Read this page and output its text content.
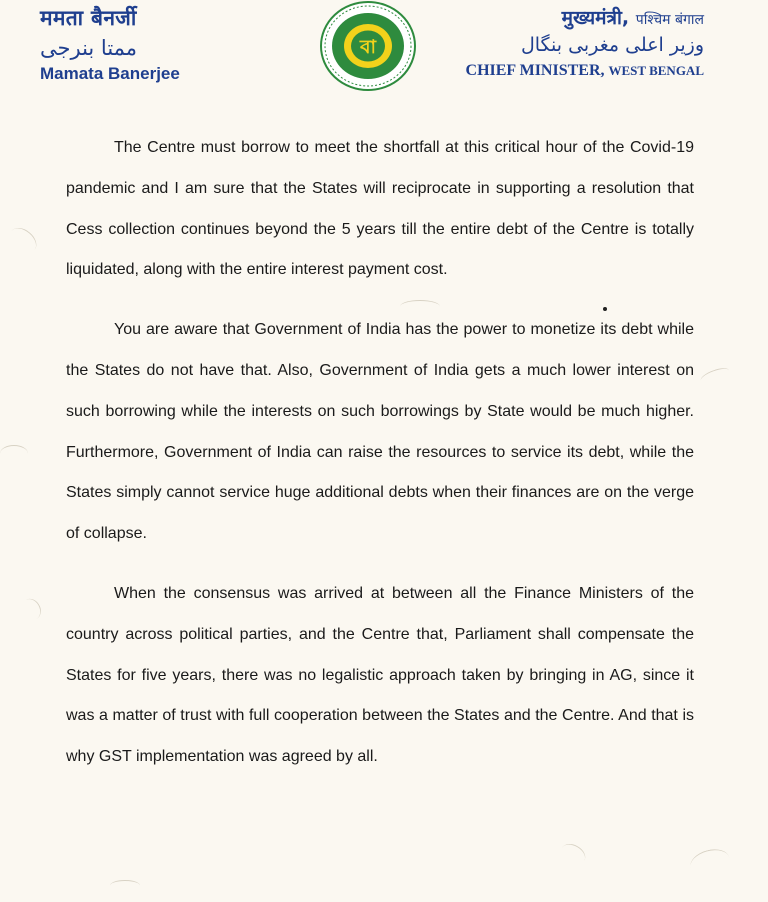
ममता बैनर्जी
ممتا بنرجی
Mamata Banerjee
বা
मुख्यमंत्री, पश्चिम बंगाल
وزیر اعلی مغربی بنگال
CHIEF MINISTER, WEST BENGAL

The Centre must borrow to meet the shortfall at this critical hour of the Covid-19 pandemic and I am sure that the States will reciprocate in supporting a resolution that Cess collection continues beyond the 5 years till the entire debt of the Centre is totally liquidated, along with the entire interest payment cost.

You are aware that Government of India has the power to monetize its debt while the States do not have that. Also, Government of India gets a much lower interest on such borrowing while the interests on such borrowings by State would be much higher. Furthermore, Government of India can raise the resources to service its debt, while the States simply cannot service huge additional debts when their finances are on the verge of collapse.

When the consensus was arrived at between all the Finance Ministers of the country across political parties, and the Centre that, Parliament shall compensate the States for five years, there was no legalistic approach taken by bringing in AG, since it was a matter of trust with full cooperation between the States and the Centre. And that is why GST implementation was agreed by all.
